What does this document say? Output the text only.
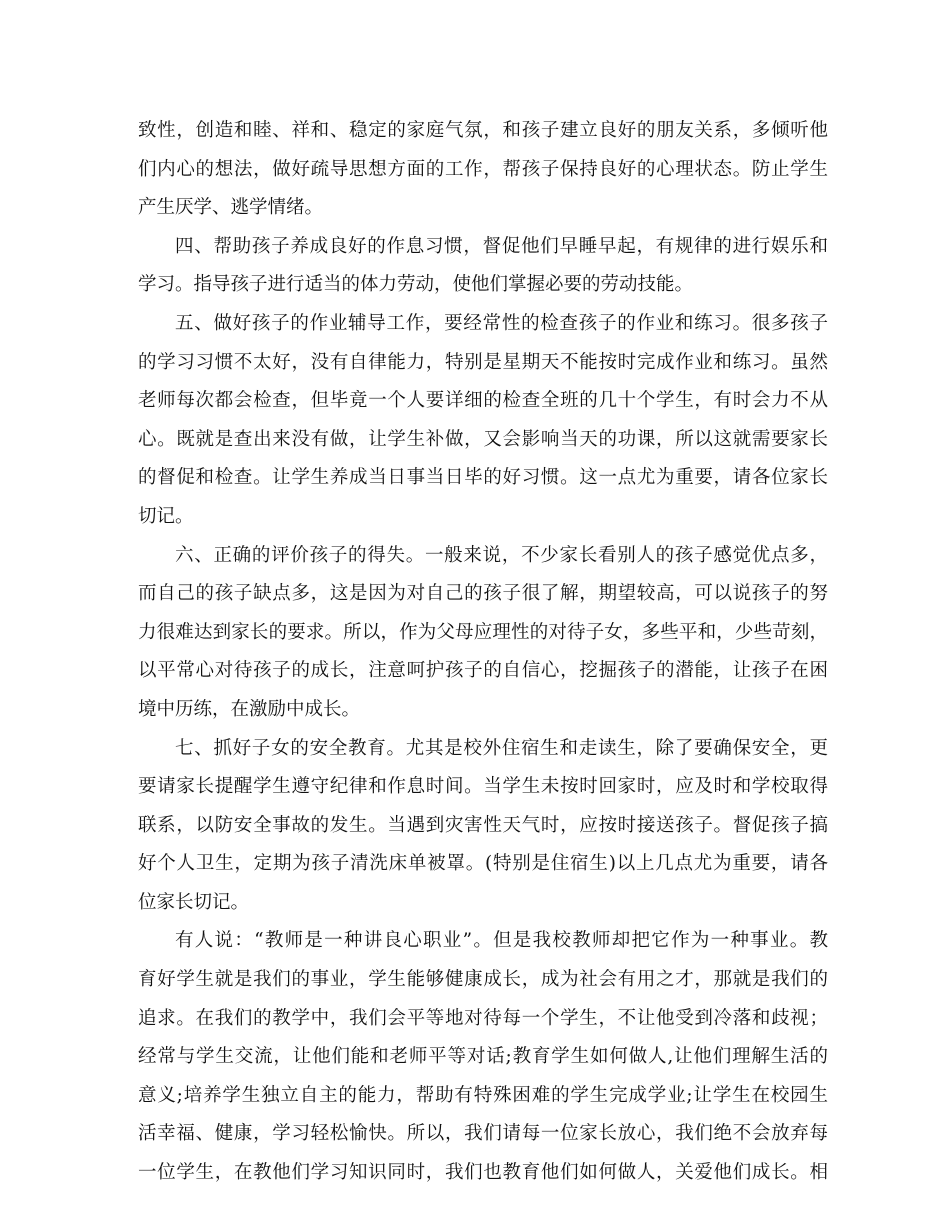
致性，创造和睦、祥和、稳定的家庭气氛，和孩子建立良好的朋友关系，多倾听他
们内心的想法，做好疏导思想方面的工作，帮孩子保持良好的心理状态。防止学生
产生厌学、逃学情绪。
四、帮助孩子养成良好的作息习惯，督促他们早睡早起，有规律的进行娱乐和
学习。指导孩子进行适当的体力劳动，使他们掌握必要的劳动技能。
五、做好孩子的作业辅导工作，要经常性的检查孩子的作业和练习。很多孩子
的学习习惯不太好，没有自律能力，特别是星期天不能按时完成作业和练习。虽然
老师每次都会检查，但毕竟一个人要详细的检查全班的几十个学生，有时会力不从
心。既就是查出来没有做，让学生补做，又会影响当天的功课，所以这就需要家长
的督促和检查。让学生养成当日事当日毕的好习惯。这一点尤为重要，请各位家长
切记。
六、正确的评价孩子的得失。一般来说，不少家长看别人的孩子感觉优点多，
而自己的孩子缺点多，这是因为对自己的孩子很了解，期望较高，可以说孩子的努
力很难达到家长的要求。所以，作为父母应理性的对待子女，多些平和，少些苛刻，
以平常心对待孩子的成长，注意呵护孩子的自信心，挖掘孩子的潜能，让孩子在困
境中历练，在激励中成长。
七、抓好子女的安全教育。尤其是校外住宿生和走读生，除了要确保安全，更
要请家长提醒学生遵守纪律和作息时间。当学生未按时回家时，应及时和学校取得
联系，以防安全事故的发生。当遇到灾害性天气时，应按时接送孩子。督促孩子搞
好个人卫生，定期为孩子清洗床单被罩。(特别是住宿生)以上几点尤为重要，请各
位家长切记。
有人说：“教师是一种讲良心职业”。但是我校教师却把它作为一种事业。教
育好学生就是我们的事业，学生能够健康成长，成为社会有用之才，那就是我们的
追求。在我们的教学中，我们会平等地对待每一个学生，不让他受到冷落和歧视；
经常与学生交流，让他们能和老师平等对话;教育学生如何做人,让他们理解生活的
意义;培养学生独立自主的能力，帮助有特殊困难的学生完成学业;让学生在校园生
活幸福、健康，学习轻松愉快。所以，我们请每一位家长放心，我们绝不会放弃每
一位学生，在教他们学习知识同时，我们也教育他们如何做人，关爱他们成长。相
